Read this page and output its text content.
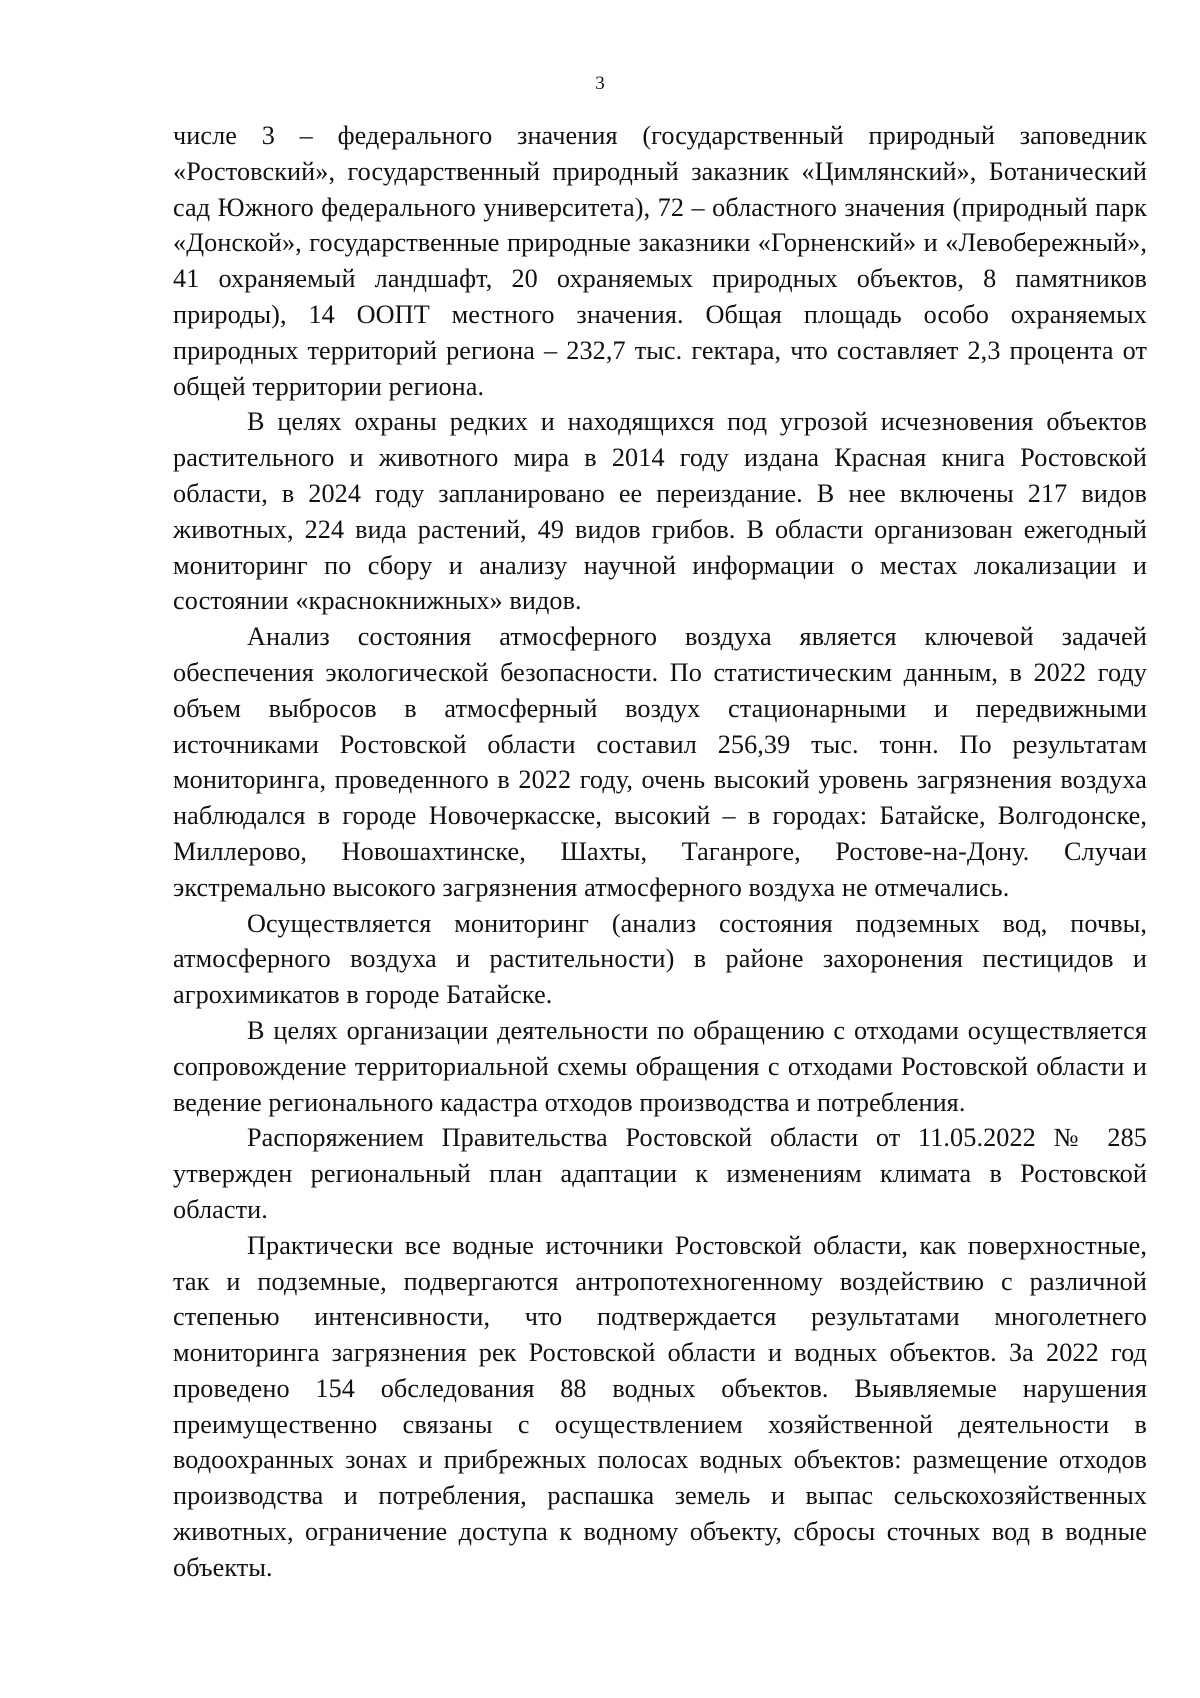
3

числе 3 – федерального значения (государственный природный заповедник «Ростовский», государственный природный заказник «Цимлянский», Ботанический сад Южного федерального университета), 72 – областного значения (природный парк «Донской», государственные природные заказники «Горненский» и «Левобережный», 41 охраняемый ландшафт, 20 охраняемых природных объектов, 8 памятников природы), 14 ООПТ местного значения. Общая площадь особо охраняемых природных территорий региона – 232,7 тыс. гектара, что составляет 2,3 процента от общей территории региона.

В целях охраны редких и находящихся под угрозой исчезновения объектов растительного и животного мира в 2014 году издана Красная книга Ростовской области, в 2024 году запланировано ее переиздание. В нее включены 217 видов животных, 224 вида растений, 49 видов грибов. В области организован ежегодный мониторинг по сбору и анализу научной информации о местах локализации и состоянии «краснокнижных» видов.

Анализ состояния атмосферного воздуха является ключевой задачей обеспечения экологической безопасности. По статистическим данным, в 2022 году объем выбросов в атмосферный воздух стационарными и передвижными источниками Ростовской области составил 256,39 тыс. тонн. По результатам мониторинга, проведенного в 2022 году, очень высокий уровень загрязнения воздуха наблюдался в городе Новочеркасске, высокий – в городах: Батайске, Волгодонске, Миллерово, Новошахтинске, Шахты, Таганроге, Ростове-на-Дону. Случаи экстремально высокого загрязнения атмосферного воздуха не отмечались.

Осуществляется мониторинг (анализ состояния подземных вод, почвы, атмосферного воздуха и растительности) в районе захоронения пестицидов и агрохимикатов в городе Батайске.

В целях организации деятельности по обращению с отходами осуществляется сопровождение территориальной схемы обращения с отходами Ростовской области и ведение регионального кадастра отходов производства и потребления.

Распоряжением Правительства Ростовской области от 11.05.2022 № 285 утвержден региональный план адаптации к изменениям климата в Ростовской области.

Практически все водные источники Ростовской области, как поверхностные, так и подземные, подвергаются антропотехногенному воздействию с различной степенью интенсивности, что подтверждается результатами многолетнего мониторинга загрязнения рек Ростовской области и водных объектов. За 2022 год проведено 154 обследования 88 водных объектов. Выявляемые нарушения преимущественно связаны с осуществлением хозяйственной деятельности в водоохранных зонах и прибрежных полосах водных объектов: размещение отходов производства и потребления, распашка земель и выпас сельскохозяйственных животных, ограничение доступа к водному объекту, сбросы сточных вод в водные объекты.
